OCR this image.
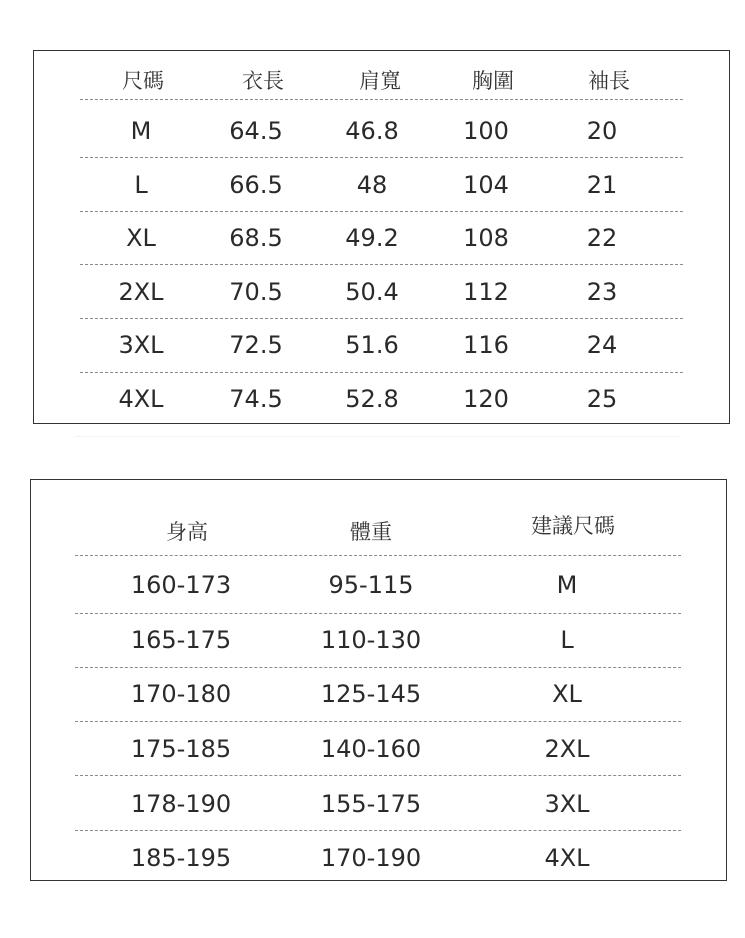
尺碼	衣長	肩寬	胸圍	袖長
M	64.5	46.8	100	20
L	66.5	48	104	21
XL	68.5	49.2	108	22
2XL	70.5	50.4	112	23
3XL	72.5	51.6	116	24
4XL	74.5	52.8	120	25
身高	體重	建議尺碼
160-173	95-115	M
165-175	110-130	L
170-180	125-145	XL
175-185	140-160	2XL
178-190	155-175	3XL
185-195	170-190	4XL
